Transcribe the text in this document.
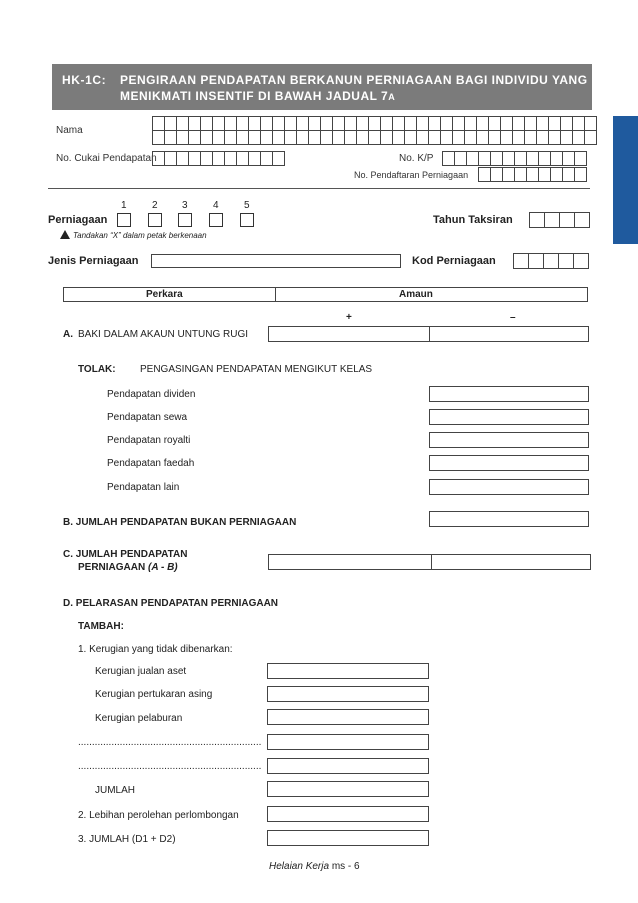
HK-1C: PENGIRAAN PENDAPATAN BERKANUN PERNIAGAAN BAGI INDIVIDU YANG
MENIKMATI INSENTIF DI BAWAH JADUAL 7A
Nama
No. Cukai Pendapatan	No. K/P
No. Pendaftaran Perniagaan
1	2 3	4	5
Perniagaan
Tandakan “X” dalam petak berkenaan
Tahun Taksiran
Jenis Perniagaan	Kod Perniagaan
Perkara	Amaun
+	–
A. BAKI DALAM AKAUN UNTUNG RUGI
TOLAK: PENGASINGAN PENDAPATAN MENGIKUT KELAS
Pendapatan dividen
Pendapatan sewa
Pendapatan royalti
Pendapatan faedah
Pendapatan lain
B. JUMLAH PENDAPATAN BUKAN PERNIAGAAN
C. JUMLAH PENDAPATAN
PERNIAGAAN (A - B)
D. PELARASAN PENDAPATAN PERNIAGAAN
TAMBAH:
1. Kerugian yang tidak dibenarkan:
Kerugian jualan aset
Kerugian pertukaran asing
Kerugian pelaburan
..................................................................
..................................................................
JUMLAH
2. Lebihan perolehan perlombongan
3. JUMLAH (D1 + D2)
Helaian Kerja ms - 6
